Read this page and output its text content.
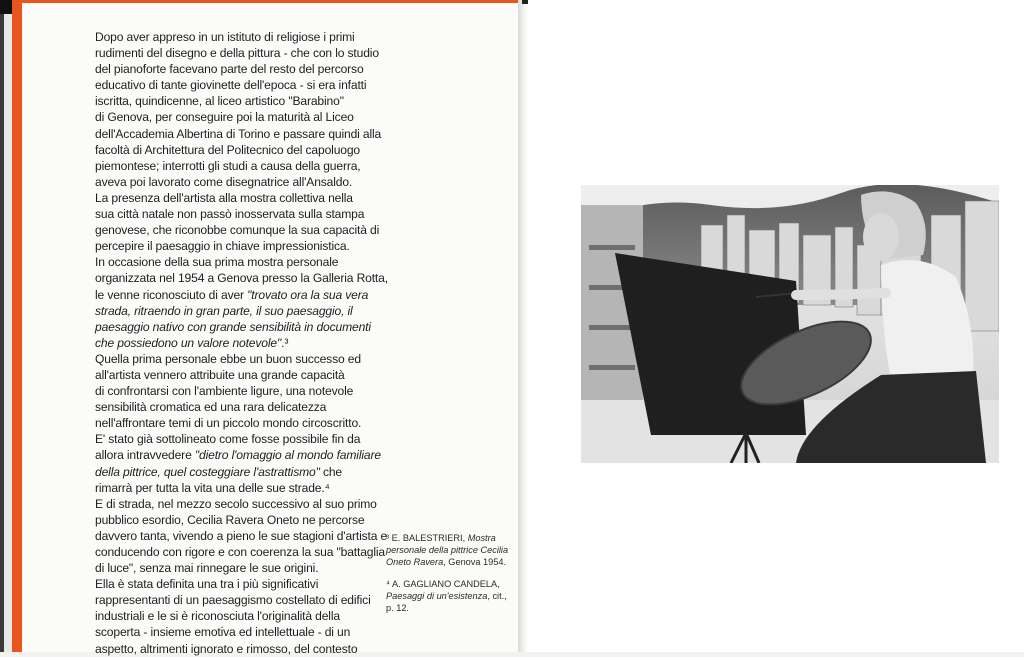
Dopo aver appreso in un istituto di religiose i primi
rudimenti del disegno e della pittura - che con lo studio
del pianoforte facevano parte del resto del percorso
educativo di tante giovinette dell'epoca - si era infatti
iscritta, quindicenne, al liceo artistico "Barabino"
di Genova, per conseguire poi la maturità al Liceo
dell'Accademia Albertina di Torino e passare quindi alla
facoltà di Architettura del Politecnico del capoluogo
piemontese; interrotti gli studi a causa della guerra,
aveva poi lavorato come disegnatrice all'Ansaldo.
La presenza dell'artista alla mostra collettiva nella
sua città natale non passò inosservata sulla stampa
genovese, che riconobbe comunque la sua capacità di
percepire il paesaggio in chiave impressionistica.
In occasione della sua prima mostra personale
organizzata nel 1954 a Genova presso la Galleria Rotta,
le venne riconosciuto di aver "trovato ora la sua vera
strada, ritraendo in gran parte, il suo paesaggio, il
paesaggio nativo con grande sensibilità in documenti
che possiedono un valore notevole".³
Quella prima personale ebbe un buon successo ed
all'artista vennero attribuite una grande capacità
di confrontarsi con l'ambiente ligure, una notevole
sensibilità cromatica ed una rara delicatezza
nell'affrontare temi di un piccolo mondo circoscritto.
E' stato già sottolineato come fosse possibile fin da
allora intravvedere "dietro l'omaggio al mondo familiare
della pittrice, quel costeggiare l'astrattismo" che
rimarrà per tutta la vita una delle sue strade.⁴
E di strada, nel mezzo secolo successivo al suo primo
pubblico esordio, Cecilia Ravera Oneto ne percorse
davvero tanta, vivendo a pieno le sue stagioni d'artista e
conducendo con rigore e con coerenza la sua "battaglia
di luce", senza mai rinnegare le sue origini.
Ella è stata definita una tra i più significativi
rappresentanti di un paesaggismo costellato di edifici
industriali e le si è riconosciuta l'originalità della
scoperta - insieme emotiva ed intellettuale - di un
aspetto, altrimenti ignorato e rimosso, del contesto
³ E. BALESTRIERI, Mostra
personale della pittrice Cecilia
Oneto Ravera, Genova 1954.
⁴ A. GAGLIANO CANDELA,
Paesaggi di un'esistenza, cit.,
p. 12.
